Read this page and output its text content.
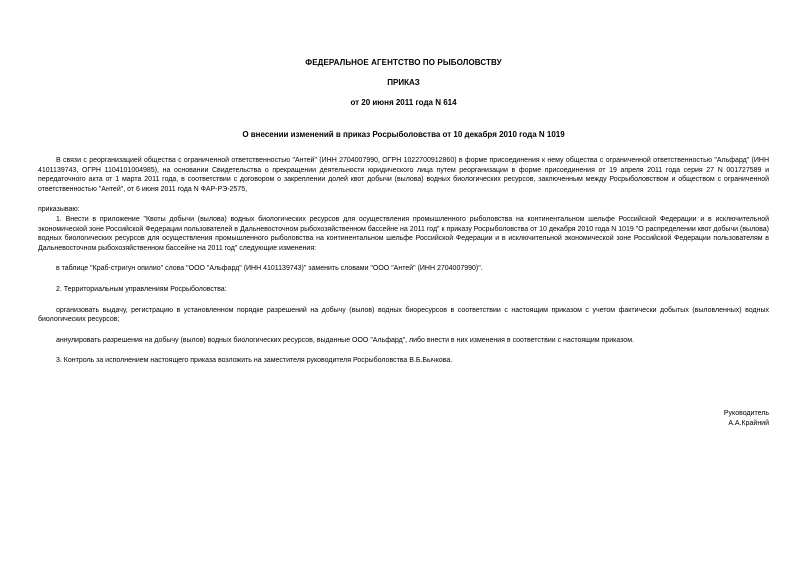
ФЕДЕРАЛЬНОЕ АГЕНТСТВО ПО РЫБОЛОВСТВУ

ПРИКАЗ

от 20 июня 2011 года N 614

О внесении изменений в приказ Росрыболовства от 10 декабря 2010 года N 1019

В связи с реорганизацией общества с ограниченной ответственностью "Антей" (ИНН 2704007990, ОГРН 1022700912860) в форме присоединения к нему общества с ограниченной ответственностью "Альфард" (ИНН 4101139743, ОГРН 1104101004985), на основании Свидетельства о прекращении деятельности юридического лица путем реорганизации в форме присоединения от 19 апреля 2011 года серия 27 N 001727589 и передаточного акта от 1 марта 2011 года, в соответствии с договором о закреплении долей квот добычи (вылова) водных биологических ресурсов, заключенным между Росрыболовством и обществом с ограниченной ответственностью "Антей", от 6 июня 2011 года N ФАР-РЭ-2575,

приказываю:

1. Внести в приложение "Квоты добычи (вылова) водных биологических ресурсов для осуществления промышленного рыболовства на континентальном шельфе Российской Федерации и в исключительной экономической зоне Российской Федерации пользователей в Дальневосточном рыбохозяйственном бассейне на 2011 год" к приказу Росрыболовства от 10 декабря 2010 года N 1019 "О распределении квот добычи (вылова) водных биологических ресурсов для осуществления промышленного рыболовства на континентальном шельфе Российской Федерации и в исключительной экономической зоне Российской Федерации пользователям в Дальневосточном рыбохозяйственном бассейне на 2011 год" следующие изменения:

в таблице "Краб-стригун опилио" слова "ООО "Альфард" (ИНН 4101139743)" заменить словами "ООО "Антей" (ИНН 2704007990)".

2. Территориальным управлениям Росрыболовства:

организовать выдачу, регистрацию в установленном порядке разрешений на добычу (вылов) водных биоресурсов в соответствии с настоящим приказом с учетом фактически добытых (выловленных) водных биологических ресурсов;

аннулировать разрешения на добычу (вылов) водных биологических ресурсов, выданные ООО "Альфард", либо внести в них изменения в соответствии с настоящим приказом.

3. Контроль за исполнением настоящего приказа возложить на заместителя руководителя Росрыболовства В.Б.Бычкова.

Руководитель
А.А.Крайний
